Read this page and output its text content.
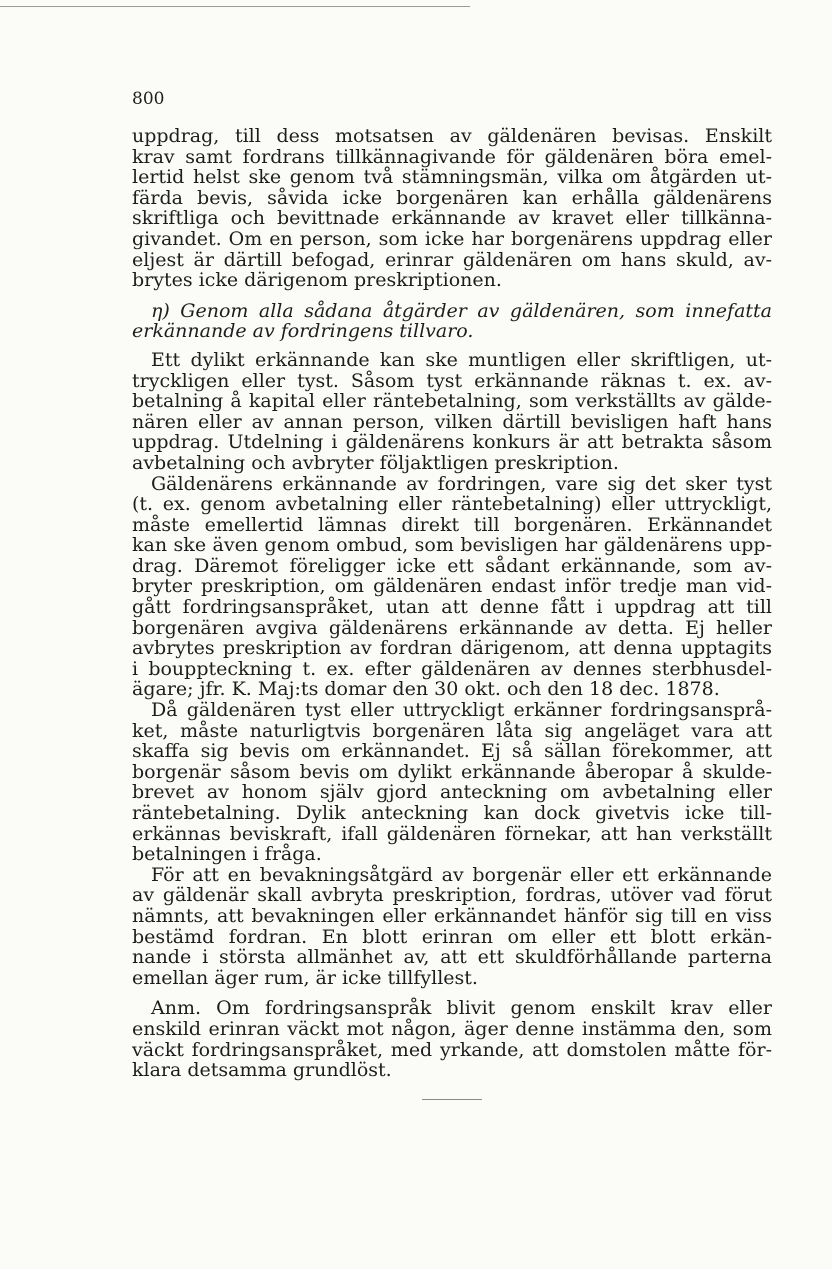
800

uppdrag, till dess motsatsen av gäldenären bevisas. Enskilt
krav samt fordrans tillkännagivande för gäldenären böra emel-
lertid helst ske genom två stämningsmän, vilka om åtgärden ut-
färda bevis, såvida icke borgenären kan erhålla gäldenärens
skriftliga och bevittnade erkännande av kravet eller tillkänna-
givandet. Om en person, som icke har borgenärens uppdrag eller
eljest är därtill befogad, erinrar gäldenären om hans skuld, av-
brytes icke därigenom preskriptionen.

η) Genom alla sådana åtgärder av gäldenären, som innefatta
erkännande av fordringens tillvaro.

Ett dylikt erkännande kan ske muntligen eller skriftligen, ut-
tryckligen eller tyst. Såsom tyst erkännande räknas t. ex. av-
betalning å kapital eller räntebetalning, som verkställts av gälde-
nären eller av annan person, vilken därtill bevisligen haft hans
uppdrag. Utdelning i gäldenärens konkurs är att betrakta såsom
avbetalning och avbryter följaktligen preskription.

Gäldenärens erkännande av fordringen, vare sig det sker tyst
(t. ex. genom avbetalning eller räntebetalning) eller uttryckligt,
måste emellertid lämnas direkt till borgenären. Erkännandet
kan ske även genom ombud, som bevisligen har gäldenärens upp-
drag. Däremot föreligger icke ett sådant erkännande, som av-
bryter preskription, om gäldenären endast inför tredje man vid-
gått fordringsanspråket, utan att denne fått i uppdrag att till
borgenären avgiva gäldenärens erkännande av detta. Ej heller
avbrytes preskription av fordran därigenom, att denna upptagits
i bouppteckning t. ex. efter gäldenären av dennes sterbhusdel-
ägare; jfr. K. Maj:ts domar den 30 okt. och den 18 dec. 1878.

Då gäldenären tyst eller uttryckligt erkänner fordringsansprå-
ket, måste naturligtvis borgenären låta sig angeläget vara att
skaffa sig bevis om erkännandet. Ej så sällan förekommer, att
borgenär såsom bevis om dylikt erkännande åberopar å skulde-
brevet av honom själv gjord anteckning om avbetalning eller
räntebetalning. Dylik anteckning kan dock givetvis icke till-
erkännas beviskraft, ifall gäldenären förnekar, att han verkställt
betalningen i fråga.

För att en bevakningsåtgärd av borgenär eller ett erkännande
av gäldenär skall avbryta preskription, fordras, utöver vad förut
nämnts, att bevakningen eller erkännandet hänför sig till en viss
bestämd fordran. En blott erinran om eller ett blott erkän-
nande i största allmänhet av, att ett skuldförhållande parterna
emellan äger rum, är icke tillfyllest.

Anm. Om fordringsanspråk blivit genom enskilt krav eller
enskild erinran väckt mot någon, äger denne instämma den, som
väckt fordringsanspråket, med yrkande, att domstolen måtte för-
klara detsamma grundlöst.
